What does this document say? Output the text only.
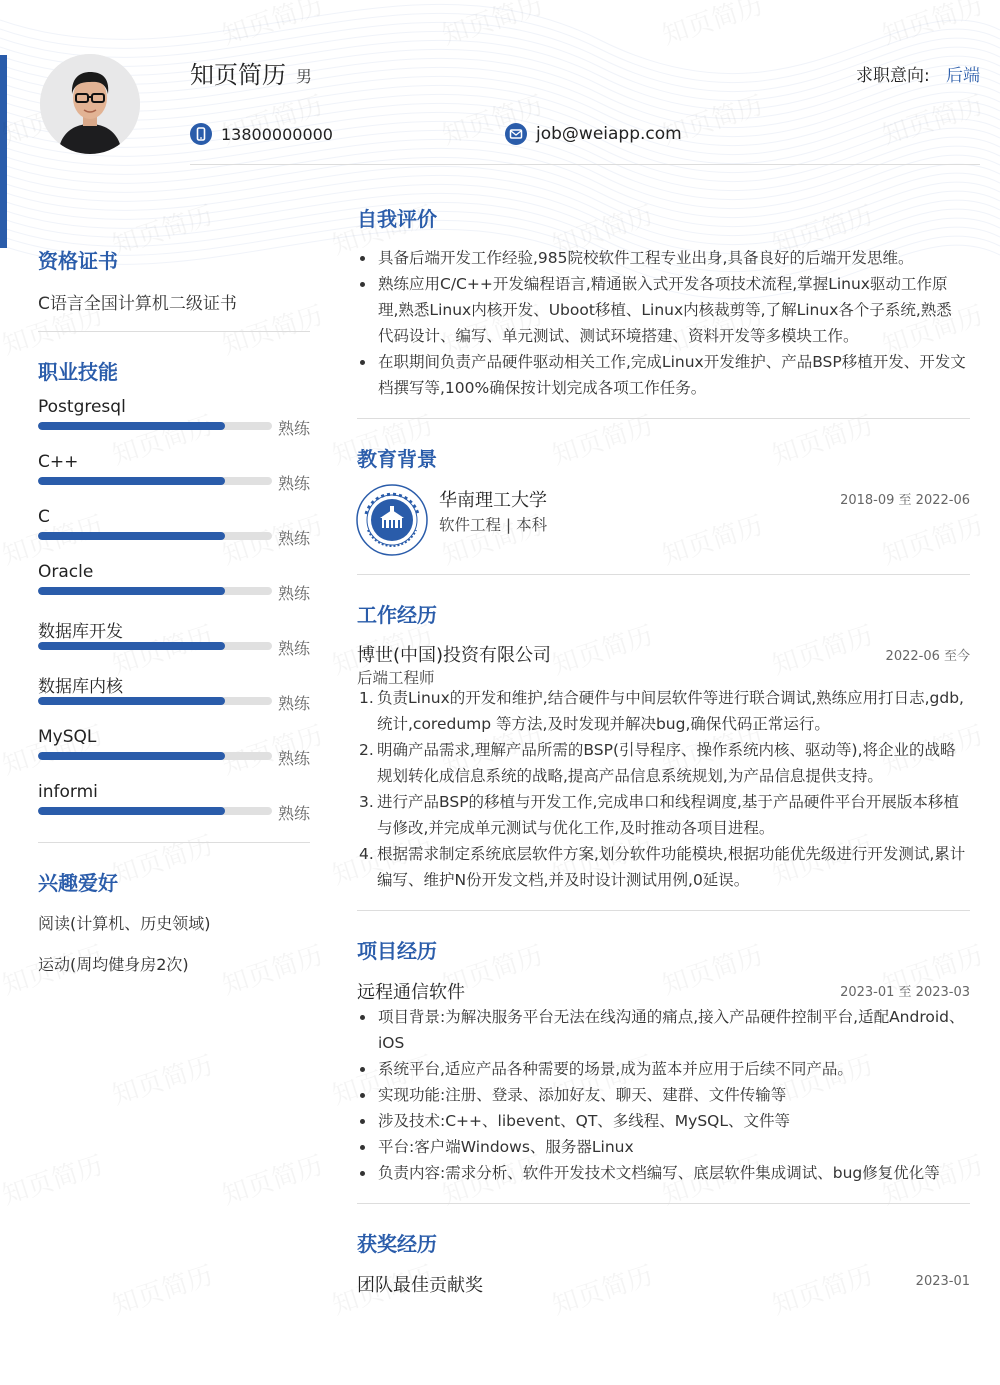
知页简历 男	求职意向: 后端
13800000000	job@weiapp.com
资格证书
C语言全国计算机二级证书
职业技能
Postgresql
熟练
C++
熟练
C
熟练
Oracle
熟练
数据库开发
熟练
数据库内核
熟练
MySQL
熟练
informi
熟练
兴趣爱好
阅读(计算机、历史领域)
运动(周均健身房2次)
自我评价
具备后端开发工作经验,985院校软件工程专业出身,具备良好的后端开发思维。
熟练应用C/C++开发编程语言,精通嵌入式开发各项技术流程,掌握Linux驱动工作原理,熟悉Linux内核开发、Uboot移植、Linux内核裁剪等,了解Linux各个子系统,熟悉代码设计、编写、单元测试、测试环境搭建、资料开发等多模块工作。
在职期间负责产品硬件驱动相关工作,完成Linux开发维护、产品BSP移植开发、开发文档撰写等,100%确保按计划完成各项工作任务。
教育背景
华南理工大学
软件工程 | 本科
2018-09 至 2022-06
工作经历
博世(中国)投资有限公司
后端工程师
2022-06 至今
1. 负责Linux的开发和维护,结合硬件与中间层软件等进行联合调试,熟练应用打日志,gdb,统计,coredump 等方法,及时发现并解决bug,确保代码正常运行。
2. 明确产品需求,理解产品所需的BSP(引导程序、操作系统内核、驱动等),将企业的战略规划转化成信息系统的战略,提高产品信息系统规划,为产品信息提供支持。
3. 进行产品BSP的移植与开发工作,完成串口和线程调度,基于产品硬件平台开展版本移植与修改,并完成单元测试与优化工作,及时推动各项目进程。
4. 根据需求制定系统底层软件方案,划分软件功能模块,根据功能优先级进行开发测试,累计编写、维护N份开发文档,并及时设计测试用例,0延误。
项目经历
远程通信软件	2023-01 至 2023-03
项目背景:为解决服务平台无法在线沟通的痛点,接入产品硬件控制平台,适配Android、iOS
系统平台,适应产品各种需要的场景,成为蓝本并应用于后续不同产品。
实现功能:注册、登录、添加好友、聊天、建群、文件传输等
涉及技术:C++、libevent、QT、多线程、MySQL、文件等
平台:客户端Windows、服务器Linux
负责内容:需求分析、软件开发技术文档编写、底层软件集成调试、bug修复优化等
获奖经历
团队最佳贡献奖	2023-01
